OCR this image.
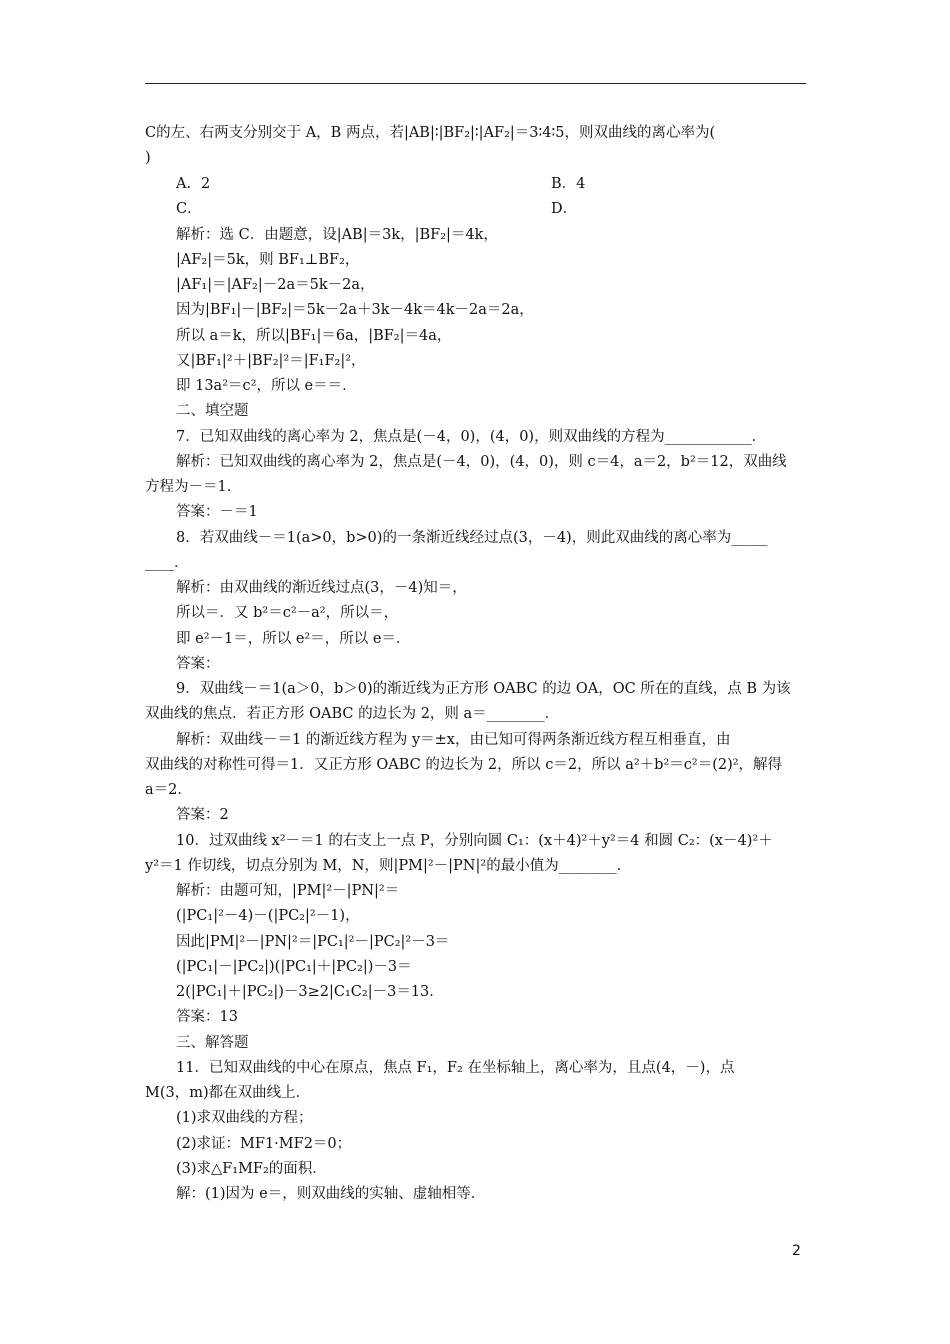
C的左、右两支分别交于 A，B 两点，若|AB|∶|BF₂|∶|AF₂|＝3∶4∶5，则双曲线的离心率为(
)
A．2	B．4
C．	D．
解析：选 C．由题意，设|AB|＝3k，|BF₂|＝4k，
|AF₂|＝5k，则 BF₁⊥BF₂，
|AF₁|＝|AF₂|－2a＝5k－2a，
因为|BF₁|－|BF₂|＝5k－2a＋3k－4k＝4k－2a＝2a，
所以 a＝k，所以|BF₁|＝6a，|BF₂|＝4a，
又|BF₁|²＋|BF₂|²＝|F₁F₂|²，
即 13a²＝c²，所以 e＝＝．
二、填空题
7．已知双曲线的离心率为 2，焦点是(－4，0)，(4，0)，则双曲线的方程为____________．
解析：已知双曲线的离心率为 2，焦点是(－4，0)，(4，0)，则 c＝4，a＝2，b²＝12，双曲线
方程为－＝1．
答案：－＝1
8．若双曲线－＝1(a>0，b>0)的一条渐近线经过点(3，－4)，则此双曲线的离心率为_____
____．
解析：由双曲线的渐近线过点(3，－4)知＝，
所以＝．又 b²＝c²－a²，所以＝，
即 e²－1＝，所以 e²＝，所以 e＝．
答案：
9．双曲线－＝1(a＞0，b＞0)的渐近线为正方形 OABC 的边 OA，OC 所在的直线，点 B 为该
双曲线的焦点．若正方形 OABC 的边长为 2，则 a＝________．
解析：双曲线－＝1 的渐近线方程为 y＝±x，由已知可得两条渐近线方程互相垂直，由
双曲线的对称性可得＝1．又正方形 OABC 的边长为 2，所以 c＝2，所以 a²＋b²＝c²＝(2)²，解得
a＝2．
答案：2
10．过双曲线 x²－＝1 的右支上一点 P，分别向圆 C₁：(x＋4)²＋y²＝4 和圆 C₂：(x－4)²＋
y²＝1 作切线，切点分别为 M，N，则|PM|²－|PN|²的最小值为________．
解析：由题可知，|PM|²－|PN|²＝
(|PC₁|²－4)－(|PC₂|²－1)，
因此|PM|²－|PN|²＝|PC₁|²－|PC₂|²－3＝
(|PC₁|－|PC₂|)(|PC₁|＋|PC₂|)－3＝
2(|PC₁|＋|PC₂|)－3≥2|C₁C₂|－3＝13．
答案：13
三、解答题
11．已知双曲线的中心在原点，焦点 F₁，F₂ 在坐标轴上，离心率为，且点(4，－)，点
M(3，m)都在双曲线上．
(1)求双曲线的方程；
(2)求证：MF1·MF2＝0；
(3)求△F₁MF₂的面积．
解：(1)因为 e＝，则双曲线的实轴、虚轴相等．
2
